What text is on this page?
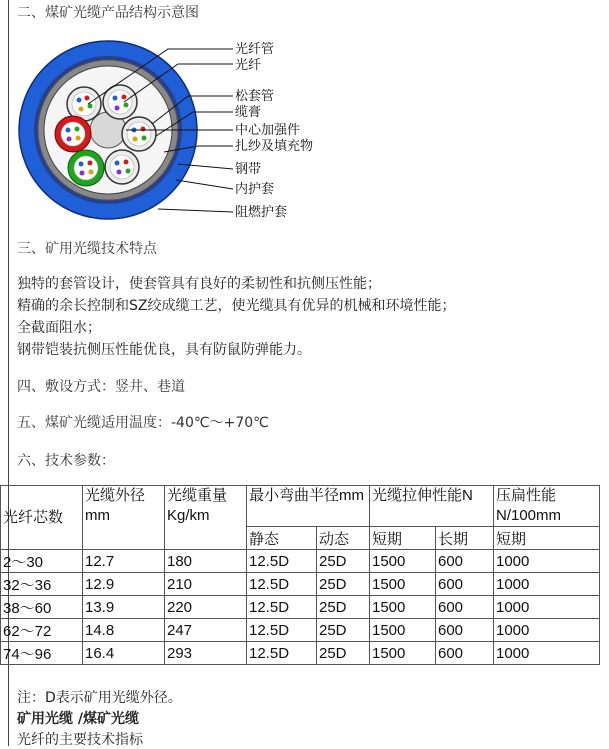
二、煤矿光缆产品结构示意图
光纤管
光纤
松套管
缆膏
中心加强件
扎纱及填充物
钢带
内护套
阻燃护套
三、矿用光缆技术特点
独特的套管设计，使套管具有良好的柔韧性和抗侧压性能；
精确的余长控制和SZ绞成缆工艺，使光缆具有优异的机械和环境性能；
全截面阻水；
钢带铠装抗侧压性能优良，具有防鼠防弹能力。
四、敷设方式：竖井、巷道
五、煤矿光缆适用温度：-40℃～+70℃
六、技术参数：
光纤芯数	光缆外径mm	光缆重量Kg/km	最小弯曲半径mm		光缆拉伸性能N		压扁性能N/100mm
			静态	动态	短期	长期	短期
2～30	12.7	180	12.5D	25D	1500	600	1000
32～36	12.9	210	12.5D	25D	1500	600	1000
38～60	13.9	220	12.5D	25D	1500	600	1000
62～72	14.8	247	12.5D	25D	1500	600	1000
74～96	16.4	293	12.5D	25D	1500	600	1000
注：D表示矿用光缆外径。
矿用光缆 /煤矿光缆
光纤的主要技术指标
